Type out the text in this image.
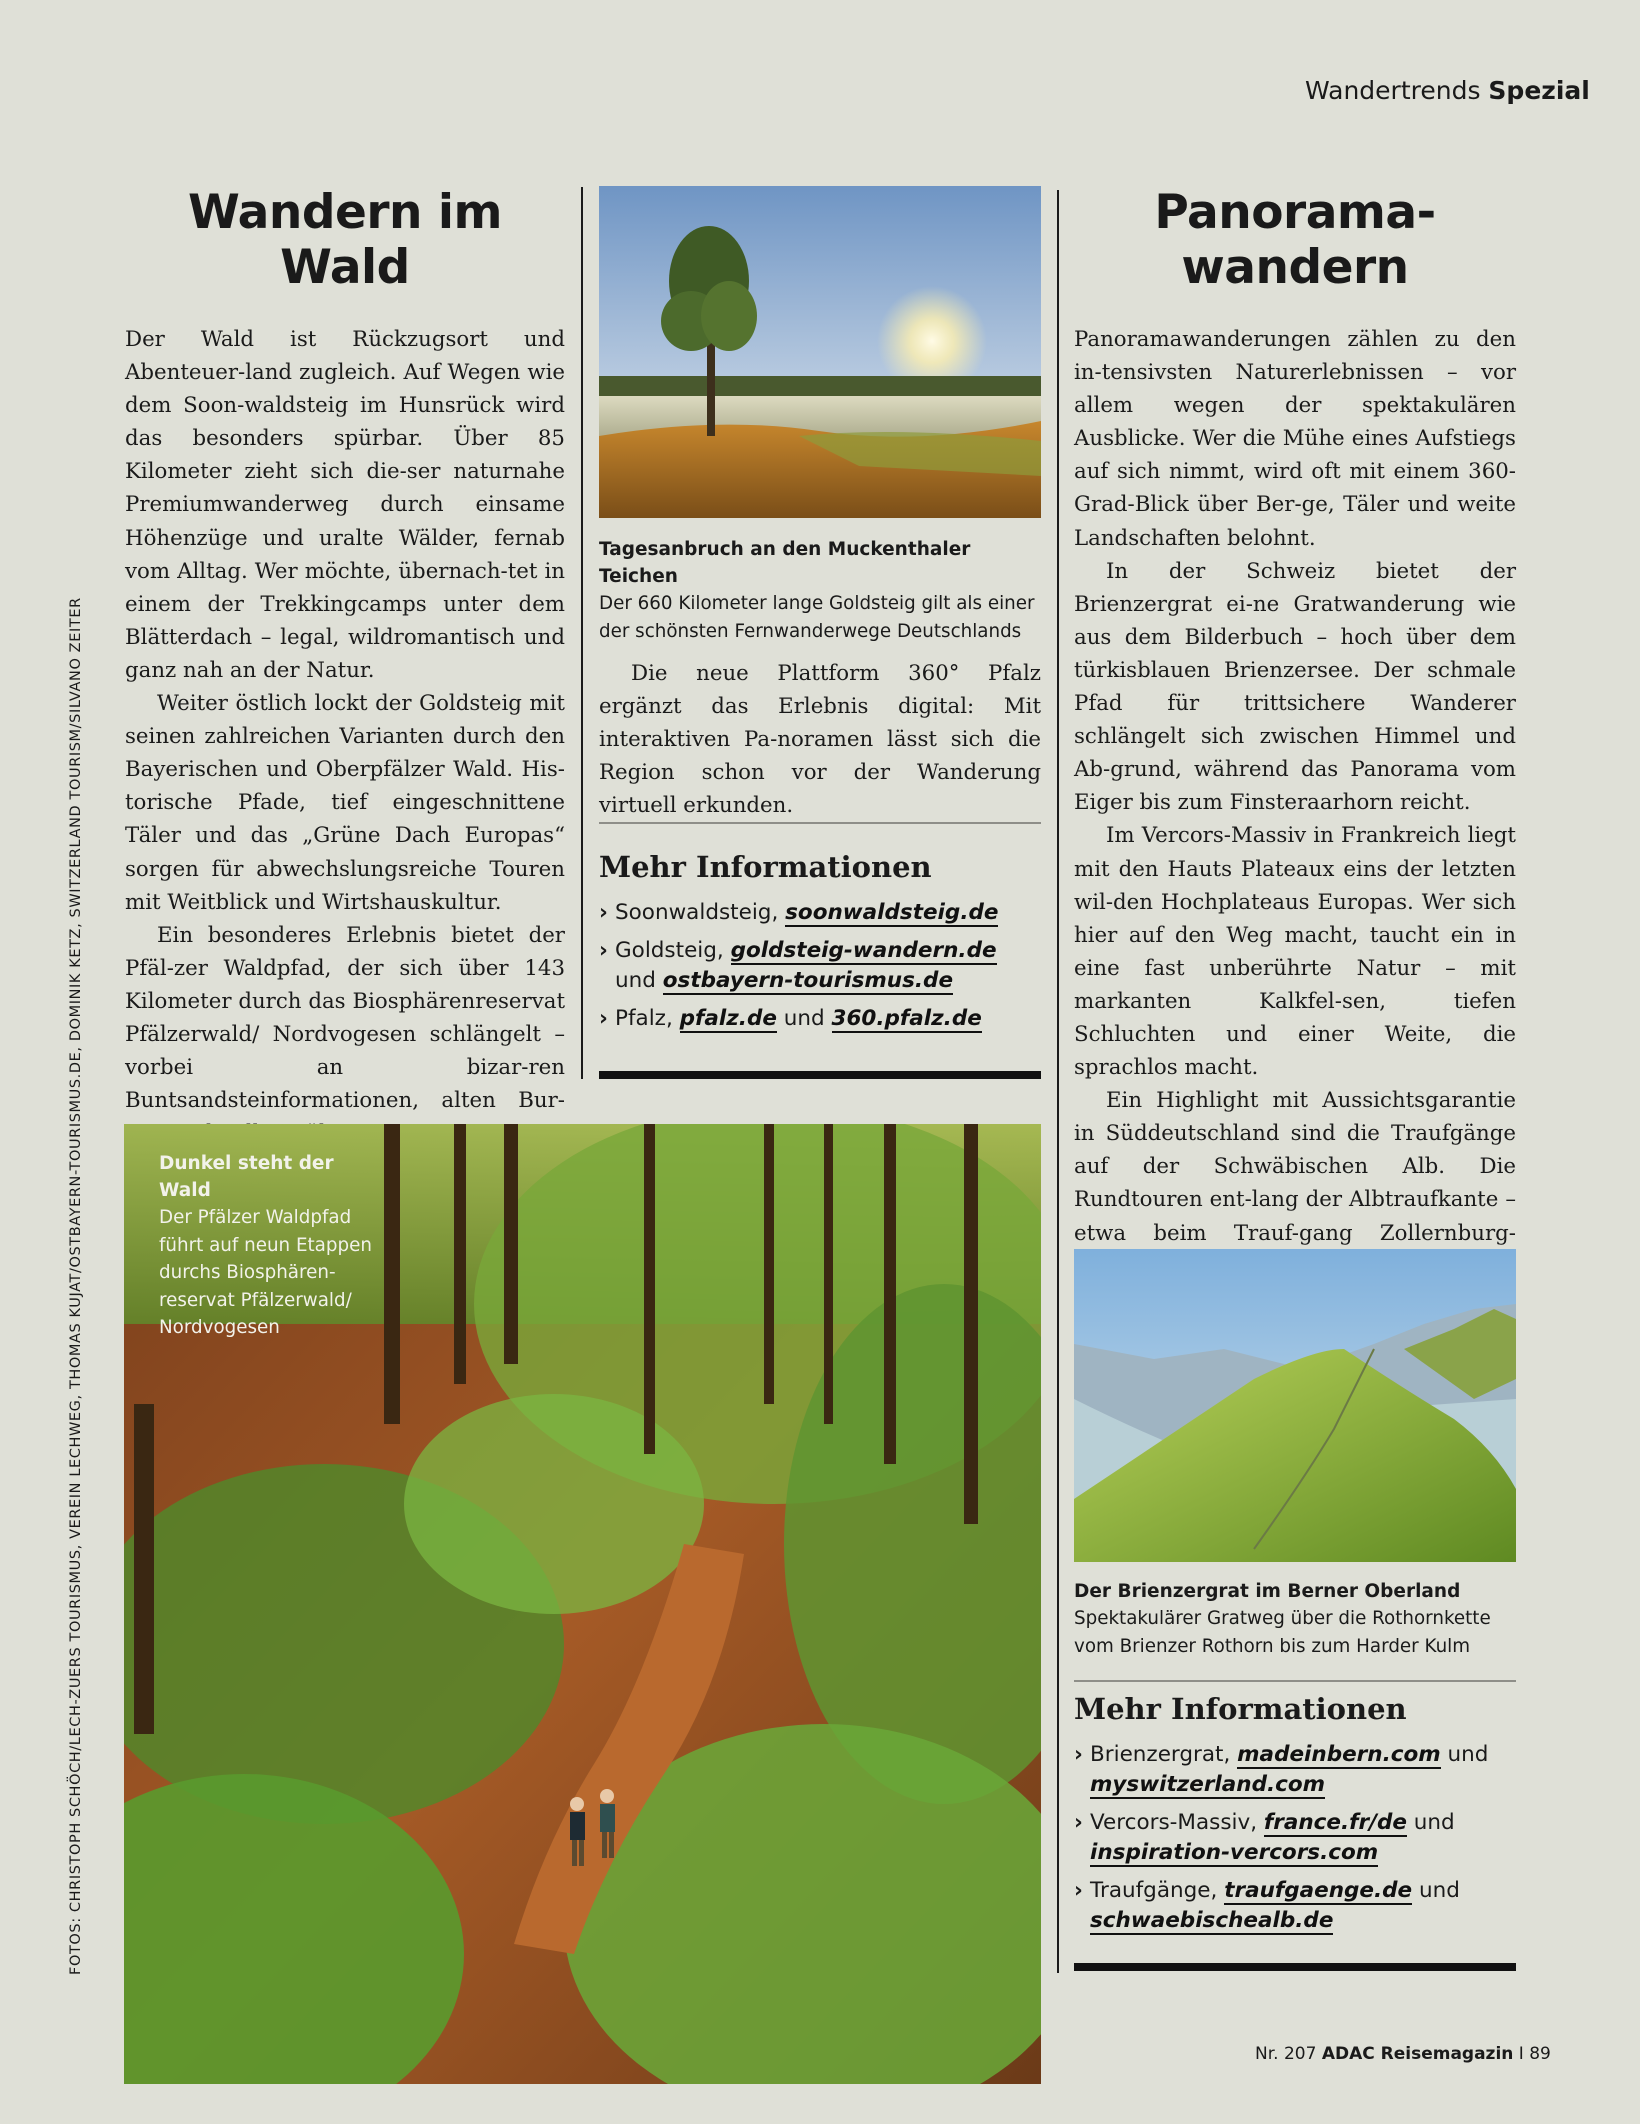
Wandertrends Spezial
Wandern im
Wald
Der Wald ist Rückzugsort und Abenteuer-land zugleich. Auf Wegen wie dem Soon-waldsteig im Hunsrück wird das besonders spürbar. Über 85 Kilometer zieht sich die-ser naturnahe Premiumwanderweg durch einsame Höhenzüge und uralte Wälder, fernab vom Alltag. Wer möchte, übernach-tet in einem der Trekkingcamps unter dem Blätterdach – legal, wildromantisch und ganz nah an der Natur.
Weiter östlich lockt der Goldsteig mit seinen zahlreichen Varianten durch den Bayerischen und Oberpfälzer Wald. His-torische Pfade, tief eingeschnittene Täler und das „Grüne Dach Europas“ sorgen für abwechslungsreiche Touren mit Weitblick und Wirtshauskultur.
Ein besonderes Erlebnis bietet der Pfäl-zer Waldpfad, der sich über 143 Kilometer durch das Biosphärenreservat Pfälzerwald/ Nordvogesen schlängelt – vorbei an bizar-ren Buntsandsteinformationen, alten Bur-
Tagesanbruch an den Muckenthaler Teichen
Der 660 Kilometer lange Goldsteig gilt als einer der schönsten Fernwanderwege Deutschlands
Die neue Plattform 360° Pfalz ergänzt das Erlebnis digital: Mit interaktiven Pa-noramen lässt sich die Region schon vor der Wanderung virtuell erkunden.
Mehr Informationen
› Soonwaldsteig, soonwaldsteig.de
› Goldsteig, goldsteig-wandern.de und ostbayern-tourismus.de
› Pfalz, pfalz.de und 360.pfalz.de
Dunkel steht der Wald
Der Pfälzer Waldpfad führt auf neun Etappen durchs Biosphären-reservat Pfälzerwald/ Nordvogesen
Panorama-
wandern
Panoramawanderungen zählen zu den in-tensivsten Naturerlebnissen – vor allem wegen der spektakulären Ausblicke. Wer die Mühe eines Aufstiegs auf sich nimmt, wird oft mit einem 360-Grad-Blick über Ber-ge, Täler und weite Landschaften belohnt.
In der Schweiz bietet der Brienzergrat ei-ne Gratwanderung wie aus dem Bilderbuch – hoch über dem türkisblauen Brienzersee. Der schmale Pfad für trittsichere Wanderer schlängelt sich zwischen Himmel und Ab-grund, während das Panorama vom Eiger bis zum Finsteraarhorn reicht.
Im Vercors-Massiv in Frankreich liegt mit den Hauts Plateaux eins der letzten wil-den Hochplateaus Europas. Wer sich hier auf den Weg macht, taucht ein in eine fast unberührte Natur – mit markanten Kalkfel-sen, tiefen Schluchten und einer Weite, die sprachlos macht.
Ein Highlight mit Aussichtsgarantie in Süddeutschland sind die Traufgänge auf der Schwäbischen Alb. Die Rundtouren ent-lang der Albtraufkante – etwa beim Trauf-gang Zollernburg-
Der Brienzergrat im Berner Oberland
Spektakulärer Gratweg über die Rothornkette vom Brienzer Rothorn bis zum Harder Kulm
Mehr Informationen
› Brienzergrat, madeinbern.com und myswitzerland.com
› Vercors-Massiv, france.fr/de und inspiration-vercors.com
› Traufgänge, traufgaenge.de und schwaebischealb.de
FOTOS: CHRISTOPH SCHÖCH/LECH-ZUERS TOURISMUS, VEREIN LECHWEG, THOMAS KUJAT/OSTBAYERN-TOURISMUS.DE, DOMINIK KETZ, SWITZERLAND TOURISM/SILVANO ZEITER
Nr. 207 ADAC Reisemagazin I 89
